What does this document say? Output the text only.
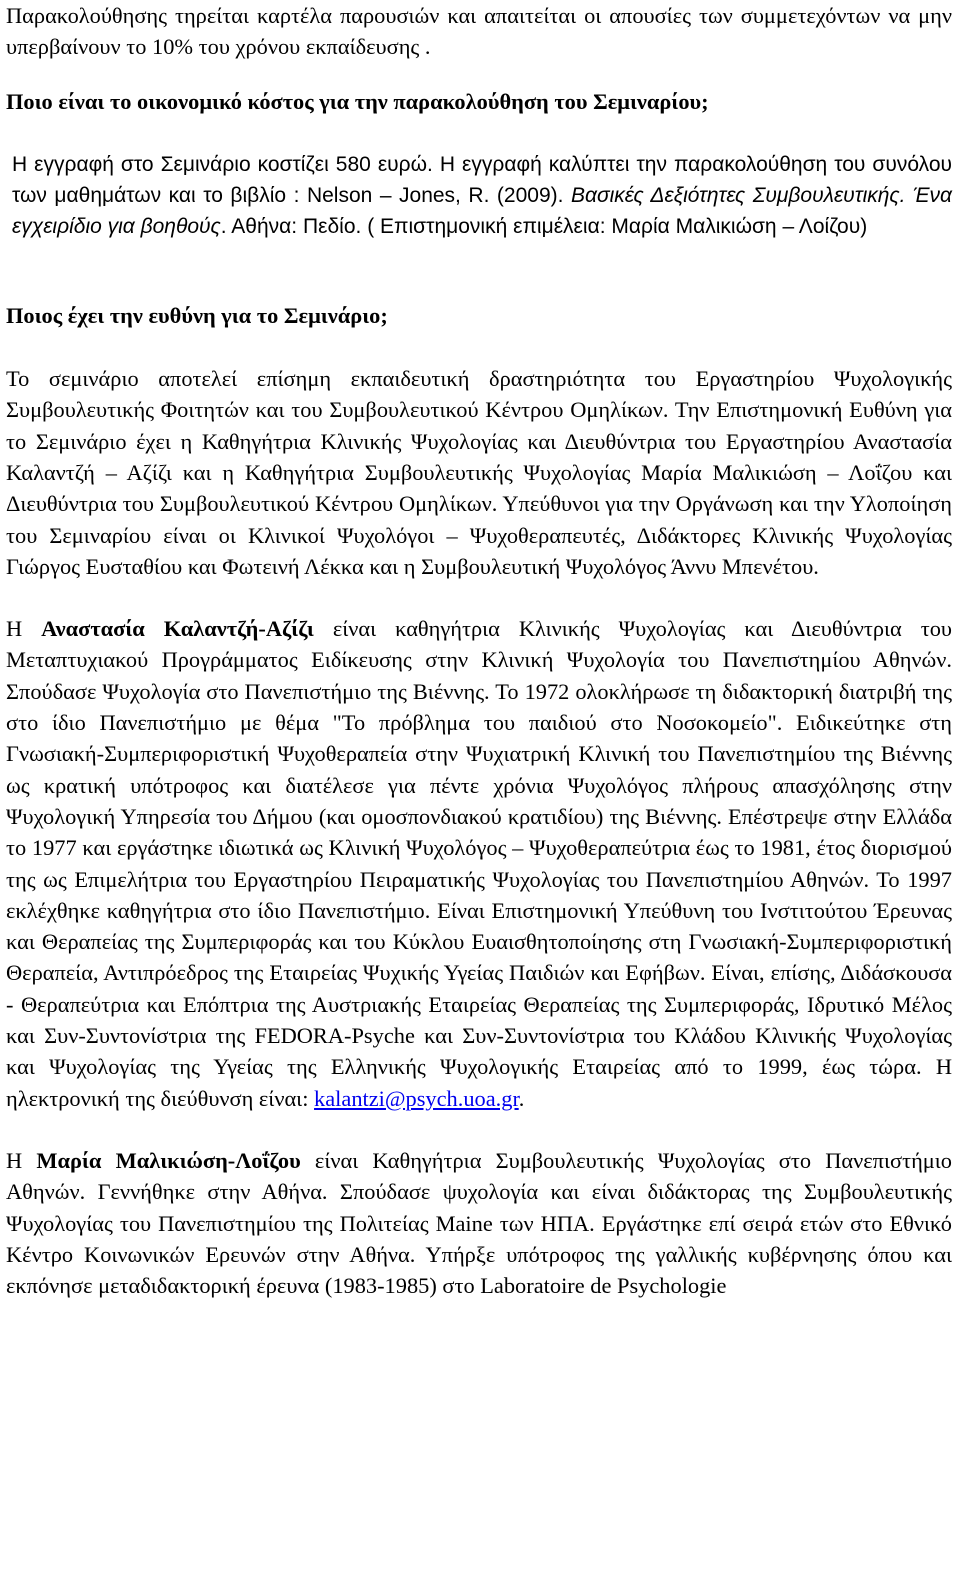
Παρακολούθησης τηρείται καρτέλα παρουσιών και απαιτείται οι απουσίες των συμμετεχόντων να μην υπερβαίνουν το 10% του χρόνου εκπαίδευσης .

Ποιο είναι το οικονομικό κόστος για την παρακολούθηση του Σεμιναρίου;

Η εγγραφή στο Σεμινάριο κοστίζει 580 ευρώ. Η εγγραφή καλύπτει την παρακολούθηση του συνόλου των μαθημάτων και το βιβλίο : Nelson – Jones, R. (2009). Βασικές Δεξιότητες Συμβουλευτικής. Ένα εγχειρίδιο για βοηθούς. Αθήνα: Πεδίο. ( Επιστημονική επιμέλεια: Μαρία Μαλικιώση – Λοίζου)

Ποιος έχει την ευθύνη για το Σεμινάριο;

Το σεμινάριο αποτελεί επίσημη εκπαιδευτική δραστηριότητα του Εργαστηρίου Ψυχολογικής Συμβουλευτικής Φοιτητών και του Συμβουλευτικού Κέντρου Ομηλίκων. Την Επιστημονική Ευθύνη για το Σεμινάριο έχει η Καθηγήτρια Κλινικής Ψυχολογίας και Διευθύντρια του Εργαστηρίου Αναστασία Καλαντζή – Αζίζι και η Καθηγήτρια Συμβουλευτικής Ψυχολογίας Μαρία Μαλικιώση – Λοΐζου και Διευθύντρια του Συμβουλευτικού Κέντρου Ομηλίκων. Υπεύθυνοι για την Οργάνωση και την Υλοποίηση του Σεμιναρίου είναι οι Κλινικοί Ψυχολόγοι – Ψυχοθεραπευτές, Διδάκτορες Κλινικής Ψυχολογίας Γιώργος Ευσταθίου και Φωτεινή Λέκκα και η Συμβουλευτική Ψυχολόγος Άννυ Μπενέτου.

Η Αναστασία Καλαντζή-Αζίζι είναι καθηγήτρια Κλινικής Ψυχολογίας και Διευθύντρια του Μεταπτυχιακού Προγράμματος Ειδίκευσης στην Κλινική Ψυχολογία του Πανεπιστημίου Αθηνών. Σπούδασε Ψυχολογία στο Πανεπιστήμιο της Βιέννης. Το 1972 ολοκλήρωσε τη διδακτορική διατριβή της στο ίδιο Πανεπιστήμιο με θέμα "Το πρόβλημα του παιδιού στο Νοσοκομείο". Ειδικεύτηκε στη Γνωσιακή-Συμπεριφοριστική Ψυχοθεραπεία στην Ψυχιατρική Κλινική του Πανεπιστημίου της Βιέννης ως κρατική υπότροφος και διατέλεσε για πέντε χρόνια Ψυχολόγος πλήρους απασχόλησης στην Ψυχολογική Υπηρεσία του Δήμου (και ομοσπονδιακού κρατιδίου) της Βιέννης. Επέστρεψε στην Ελλάδα το 1977 και εργάστηκε ιδιωτικά ως Κλινική Ψυχολόγος – Ψυχοθεραπεύτρια έως το 1981, έτος διορισμού της ως Επιμελήτρια του Εργαστηρίου Πειραματικής Ψυχολογίας του Πανεπιστημίου Αθηνών. Το 1997 εκλέχθηκε καθηγήτρια στο ίδιο Πανεπιστήμιο. Είναι Επιστημονική Υπεύθυνη του Ινστιτούτου Έρευνας και Θεραπείας της Συμπεριφοράς και του Κύκλου Ευαισθητοποίησης στη Γνωσιακή-Συμπεριφοριστική Θεραπεία, Αντιπρόεδρος της Εταιρείας Ψυχικής Υγείας Παιδιών και Εφήβων. Είναι, επίσης, Διδάσκουσα - Θεραπεύτρια και Επόπτρια της Αυστριακής Εταιρείας Θεραπείας της Συμπεριφοράς, Ιδρυτικό Μέλος και Συν-Συντονίστρια της FEDORA-Psyche και Συν-Συντονίστρια του Κλάδου Κλινικής Ψυχολογίας και Ψυχολογίας της Υγείας της Ελληνικής Ψυχολογικής Εταιρείας από το 1999, έως τώρα. Η ηλεκτρονική της διεύθυνση είναι: kalantzi@psych.uoa.gr.

Η Μαρία Μαλικιώση-Λοΐζου είναι Καθηγήτρια Συμβουλευτικής Ψυχολογίας στο Πανεπιστήμιο Αθηνών. Γεννήθηκε στην Αθήνα. Σπούδασε ψυχολογία και είναι διδάκτορας της Συμβουλευτικής Ψυχολογίας του Πανεπιστημίου της Πολιτείας Maine των ΗΠΑ. Εργάστηκε επί σειρά ετών στο Εθνικό Κέντρο Κοινωνικών Ερευνών στην Αθήνα. Υπήρξε υπότροφος της γαλλικής κυβέρνησης όπου και εκπόνησε μεταδιδακτορική έρευνα (1983-1985) στο Laboratoire de Psychologie
